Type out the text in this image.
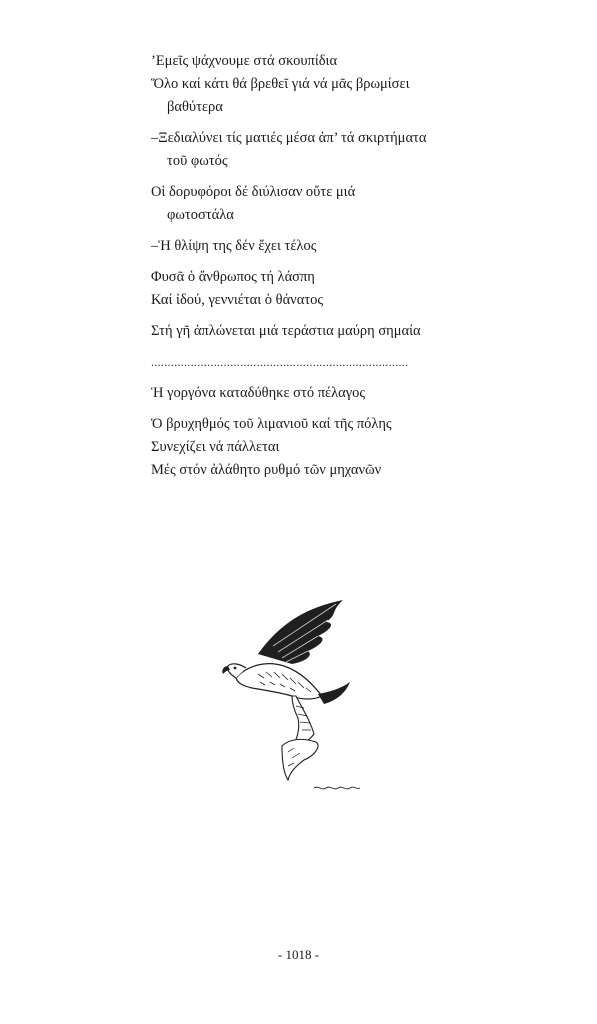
’Εμεῖς ψάχνουμε στά σκουπίδια
Ὅλο καί κάτι θά βρεθεῖ γιά νά μᾶς βρωμίσει
βαθύτερα
–Ξεδιαλύνει τίς ματιές μέσα ἀπ’ τά σκιρτήματα
τοῦ φωτός
Οἱ δορυφόροι δέ διύλισαν οὔτε μιά
φωτοστάλα
–Ἡ θλίψη της δέν ἔχει τέλος
Φυσᾶ ὁ ἄνθρωπος τή λάσπη
Καί ἰδού, γεννιέται ὁ θάνατος
Στή γῆ ἁπλώνεται μιά τεράστια μαύρη σημαία
..............................................................................
Ἡ γοργόνα καταδύθηκε στό πέλαγος
Ὁ βρυχηθμός τοῦ λιμανιοῦ καί τῆς πόλης
Συνεχίζει νά πάλλεται
Μές στόν ἀλάθητο ρυθμό τῶν μηχανῶν
- 1018 -
